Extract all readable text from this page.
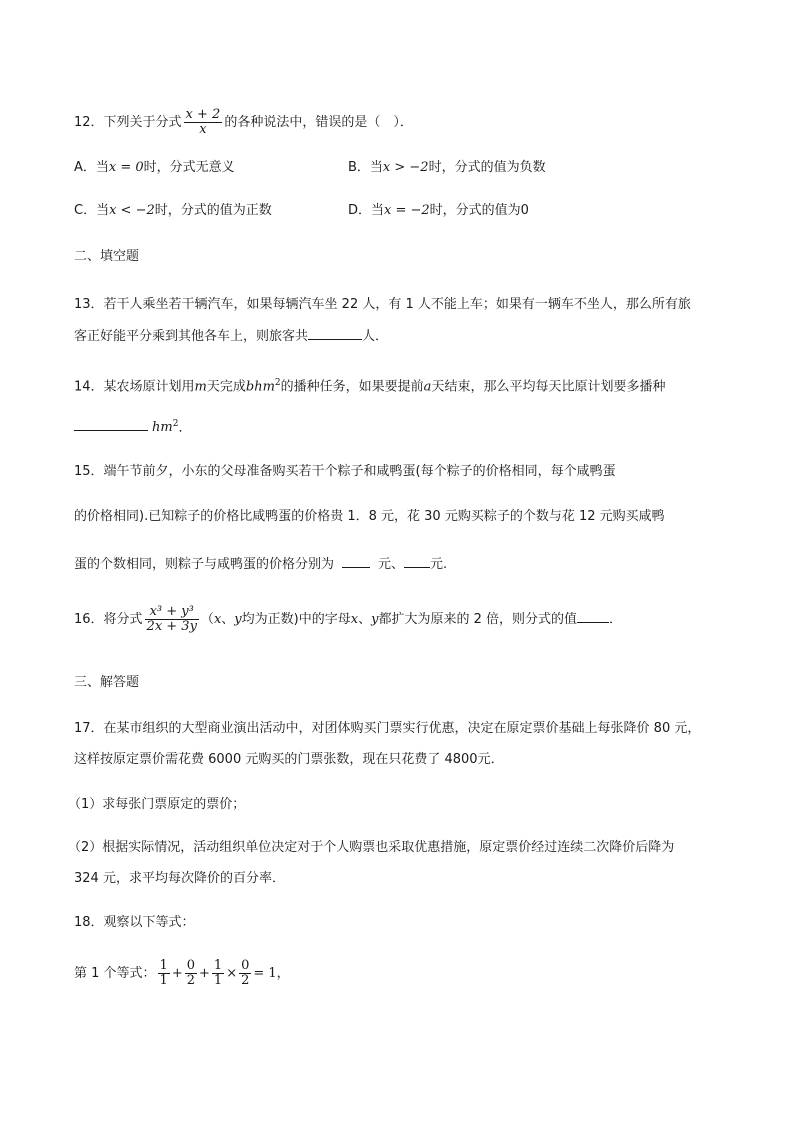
12．下列关于分式 $\frac{x + 2}{x}$ 的各种说法中，错误的是（　）．
A．当x = 0时，分式无意义	B．当x > −2时，分式的值为负数
C．当x < −2时，分式的值为正数	D．当x = −2时，分式的值为0
二、填空题
13．若干人乘坐若干辆汽车，如果每辆汽车坐 22 人，有 1 人不能上车；如果有一辆车不坐人，那么所有旅
客正好能平分乘到其他各车上，则旅客共	人．
14．某农场原计划用m天完成bhm$^2$的播种任务，如果要提前a天结束，那么平均每天比原计划要多播种
$hm^2$．
15．端午节前夕，小东的父母准备购买若干个粽子和咸鸭蛋(每个粽子的价格相同，每个咸鸭蛋
的价格相同).已知粽子的价格比咸鸭蛋的价格贵 1．8 元，花 30 元购买粽子的个数与花 12 元购买咸鸭
蛋的个数相同，则粽子与咸鸭蛋的价格分别为	元、 元.
16．将分式 $\frac{\text{x³ + y³}}{2x + 3y} (x$、y均为正数)中的字母x、y都扩大为原来的 2 倍，则分式的值 ．
三、解答题
17．在某市组织的大型商业演出活动中，对团体购买门票实行优惠，决定在原定票价基础上每张降价 80 元，
这样按原定票价需花费 6000 元购买的门票张数，现在只花费了 4800元．
（1）求每张门票原定的票价；
（2）根据实际情况，活动组织单位决定对于个人购票也采取优惠措施，原定票价经过连续二次降价后降为
324 元，求平均每次降价的百分率．
18．观察以下等式：
第 1 个等式： $\frac{1}{1} + \frac{0}{2} + \frac{1}{1} \times \frac{0}{2} = 1$，
